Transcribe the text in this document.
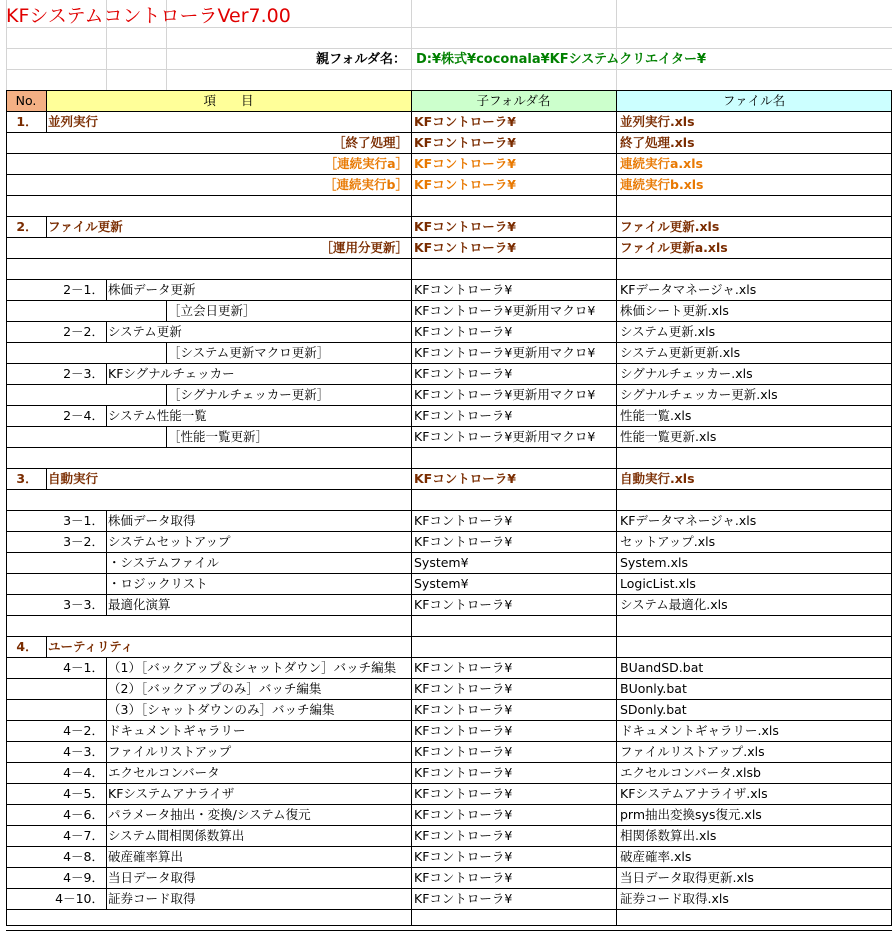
KFシステムコントローラVer7.00
親フォルダ名： D:¥株式¥coconala¥KFシステムクリエイター¥
No.	項　　目	子フォルダ名	ファイル名
1． 並列実行	KFコントローラ¥	並列実行.xls
［終了処理］ KFコントローラ¥	終了処理.xls
［連続実行a］ KFコントローラ¥	連続実行a.xls
［連続実行b］ KFコントローラ¥	連続実行b.xls
2． ファイル更新	KFコントローラ¥	ファイル更新.xls
［運用分更新］ KFコントローラ¥	ファイル更新a.xls
2－1． 株価データ更新	KFコントローラ¥	KFデータマネージャ.xls
［立会日更新］	KFコントローラ¥更新用マクロ¥	株価シート更新.xls
2－2． システム更新	KFコントローラ¥	システム更新.xls
［システム更新マクロ更新］	KFコントローラ¥更新用マクロ¥	システム更新更新.xls
2－3． KFシグナルチェッカー	KFコントローラ¥	シグナルチェッカー.xls
［シグナルチェッカー更新］	KFコントローラ¥更新用マクロ¥	シグナルチェッカー更新.xls
2－4． システム性能一覧	KFコントローラ¥	性能一覧.xls
［性能一覧更新］	KFコントローラ¥更新用マクロ¥	性能一覧更新.xls
3． 自動実行	KFコントローラ¥	自動実行.xls
3－1． 株価データ取得	KFコントローラ¥	KFデータマネージャ.xls
3－2． システムセットアップ	KFコントローラ¥	セットアップ.xls
・システムファイル	System¥	System.xls
・ロジックリスト	System¥	LogicList.xls
3－3． 最適化演算	KFコントローラ¥	システム最適化.xls
4． ユーティリティ
4－1． （1）［バックアップ＆シャットダウン］バッチ編集	KFコントローラ¥	BUandSD.bat
（2）［バックアップのみ］バッチ編集	KFコントローラ¥	BUonly.bat
（3）［シャットダウンのみ］バッチ編集	KFコントローラ¥	SDonly.bat
4－2． ドキュメントギャラリー	KFコントローラ¥	ドキュメントギャラリー.xls
4－3． ファイルリストアップ	KFコントローラ¥	ファイルリストアップ.xls
4－4． エクセルコンバータ	KFコントローラ¥	エクセルコンバータ.xlsb
4－5． KFシステムアナライザ	KFコントローラ¥	KFシステムアナライザ.xls
4－6． パラメータ抽出・変換/システム復元	KFコントローラ¥	prm抽出変換sys復元.xls
4－7． システム間相関係数算出	KFコントローラ¥	相関係数算出.xls
4－8． 破産確率算出	KFコントローラ¥	破産確率.xls
4－9． 当日データ取得	KFコントローラ¥	当日データ取得更新.xls
4－10． 証券コード取得	KFコントローラ¥	証券コード取得.xls
